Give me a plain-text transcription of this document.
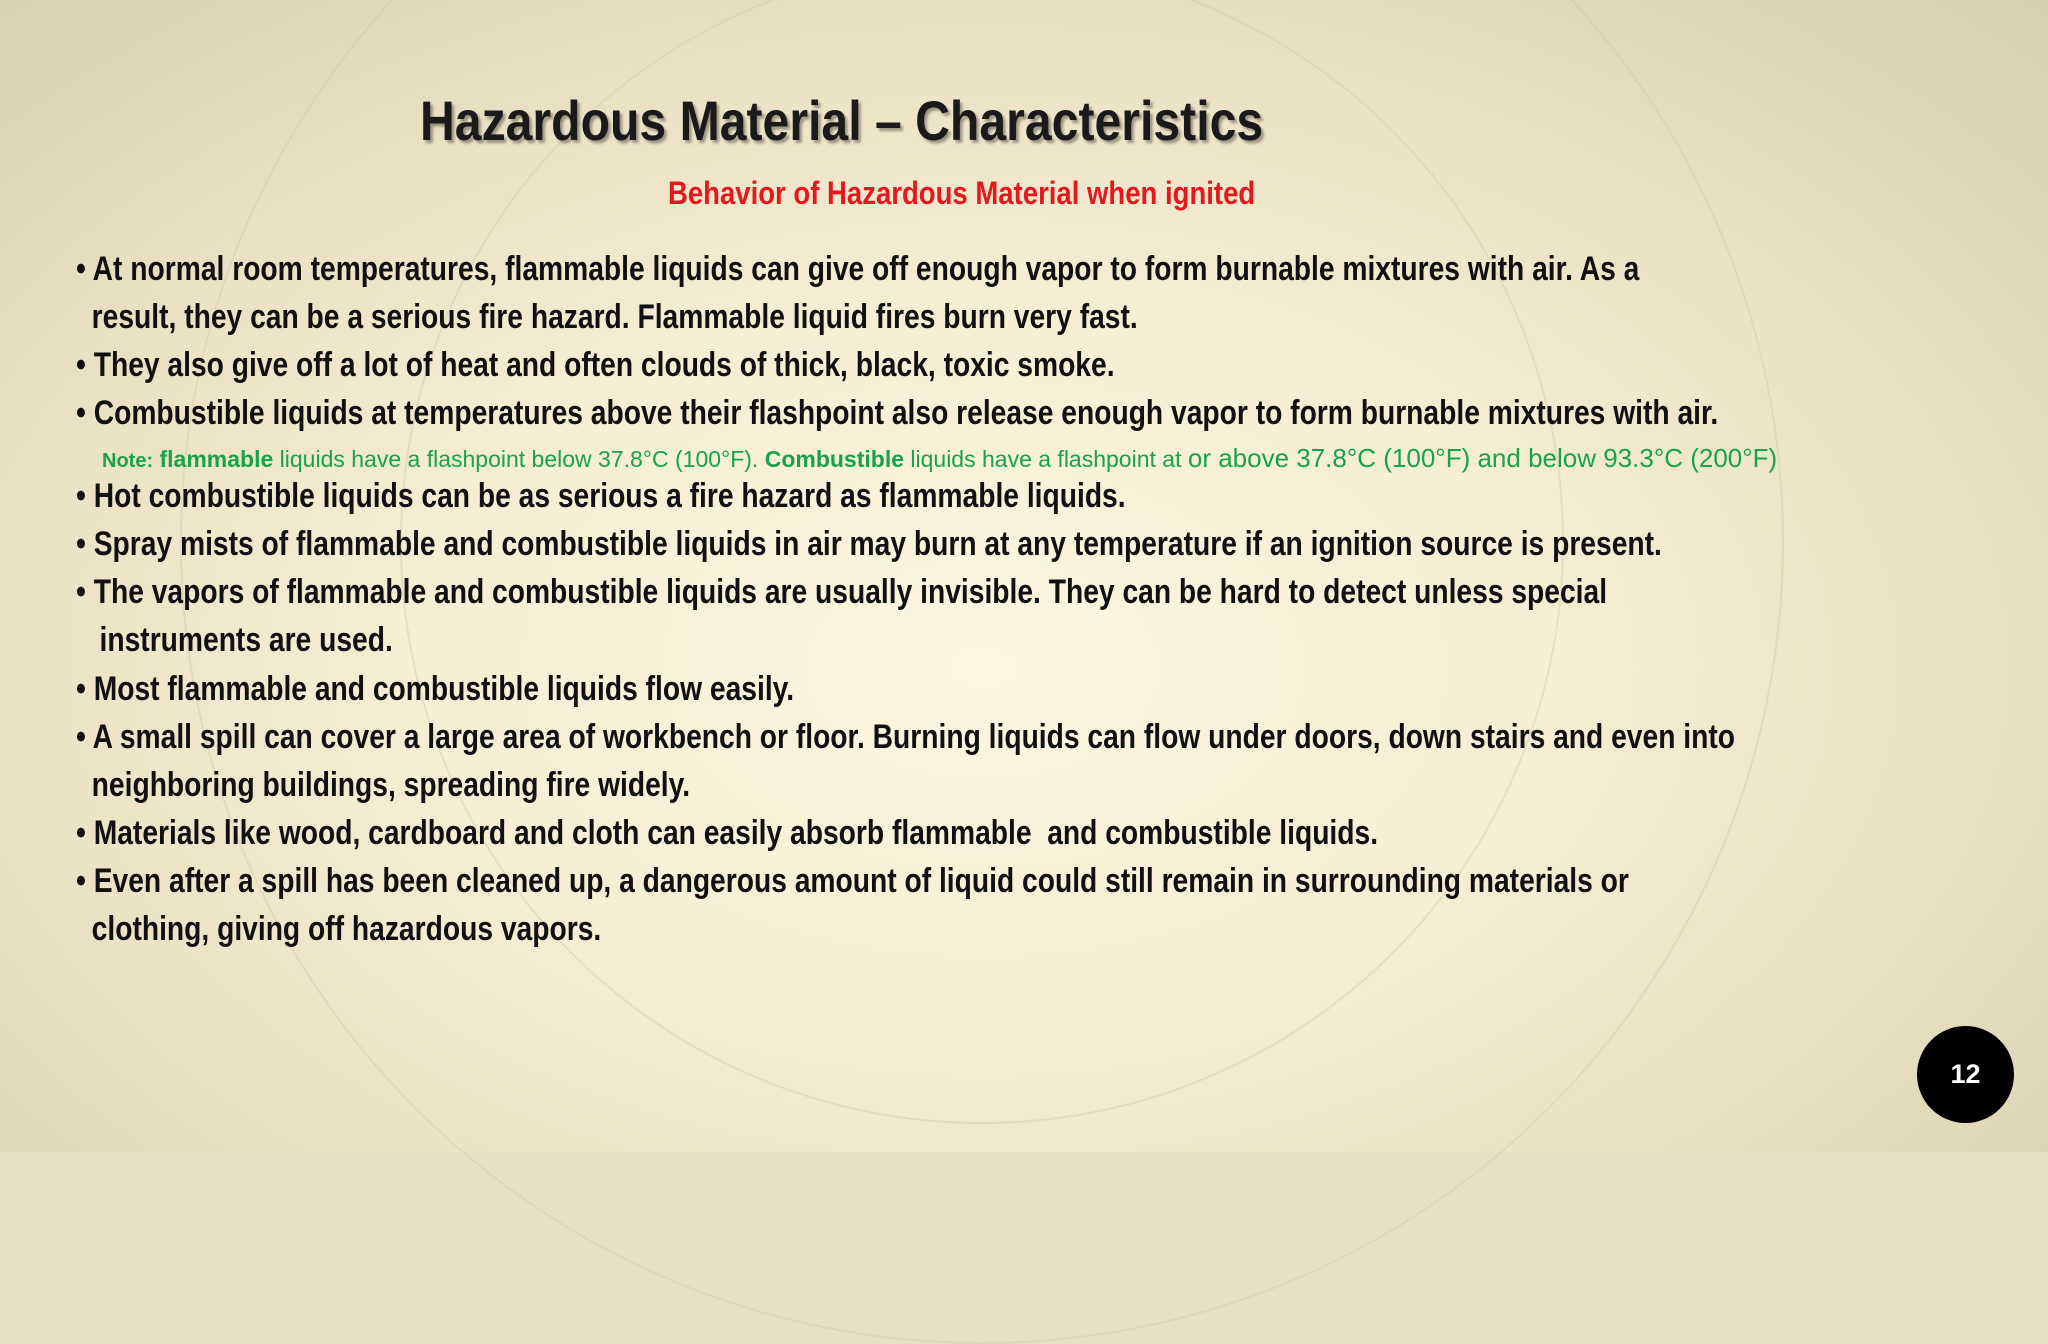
Hazardous Material – Characteristics
Behavior of Hazardous Material when ignited
• At normal room temperatures, flammable liquids can give off enough vapor to form burnable mixtures with air. As a
result, they can be a serious fire hazard. Flammable liquid fires burn very fast.
• They also give off a lot of heat and often clouds of thick, black, toxic smoke.
• Combustible liquids at temperatures above their flashpoint also release enough vapor to form burnable mixtures with air.
Note: flammable liquids have a flashpoint below 37.8°C (100°F). Combustible liquids have a flashpoint at or above 37.8°C (100°F) and below 93.3°C (200°F)
• Hot combustible liquids can be as serious a fire hazard as flammable liquids.
• Spray mists of flammable and combustible liquids in air may burn at any temperature if an ignition source is present.
• The vapors of flammable and combustible liquids are usually invisible. They can be hard to detect unless special
instruments are used.
• Most flammable and combustible liquids flow easily.
• A small spill can cover a large area of workbench or floor. Burning liquids can flow under doors, down stairs and even into
neighboring buildings, spreading fire widely.
• Materials like wood, cardboard and cloth can easily absorb flammable  and combustible liquids.
• Even after a spill has been cleaned up, a dangerous amount of liquid could still remain in surrounding materials or
clothing, giving off hazardous vapors.
12
